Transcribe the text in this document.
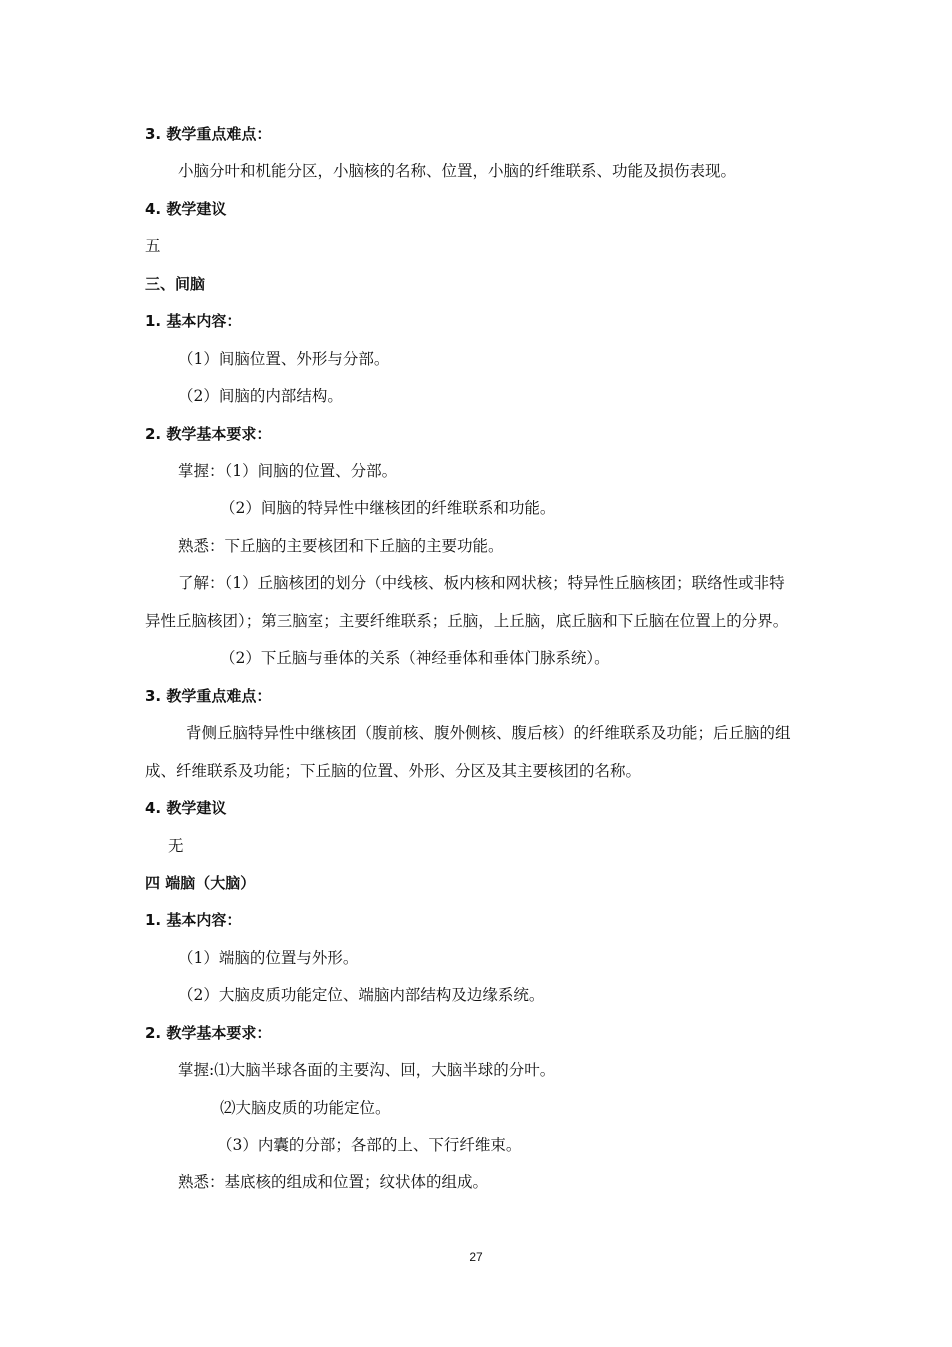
3. 教学重点难点：
小脑分叶和机能分区，小脑核的名称、位置，小脑的纤维联系、功能及损伤表现。
4. 教学建议
五
三、间脑
1. 基本内容：
（1）间脑位置、外形与分部。
（2）间脑的内部结构。
2. 教学基本要求：
掌握：（1）间脑的位置、分部。
（2）间脑的特异性中继核团的纤维联系和功能。
熟悉：下丘脑的主要核团和下丘脑的主要功能。
了解：（1）丘脑核团的划分（中线核、板内核和网状核；特异性丘脑核团；联络性或非特
异性丘脑核团）；第三脑室；主要纤维联系；丘脑，上丘脑，底丘脑和下丘脑在位置上的分界。
（2）下丘脑与垂体的关系（神经垂体和垂体门脉系统）。
3. 教学重点难点：
背侧丘脑特异性中继核团（腹前核、腹外侧核、腹后核）的纤维联系及功能；后丘脑的组
成、纤维联系及功能；下丘脑的位置、外形、分区及其主要核团的名称。
4. 教学建议
无
四 端脑（大脑）
1. 基本内容：
（1）端脑的位置与外形。
（2）大脑皮质功能定位、端脑内部结构及边缘系统。
2. 教学基本要求：
掌握:⑴大脑半球各面的主要沟、回，大脑半球的分叶。
⑵大脑皮质的功能定位。
（3）内囊的分部；各部的上、下行纤维束。
熟悉：基底核的组成和位置；纹状体的组成。
27
